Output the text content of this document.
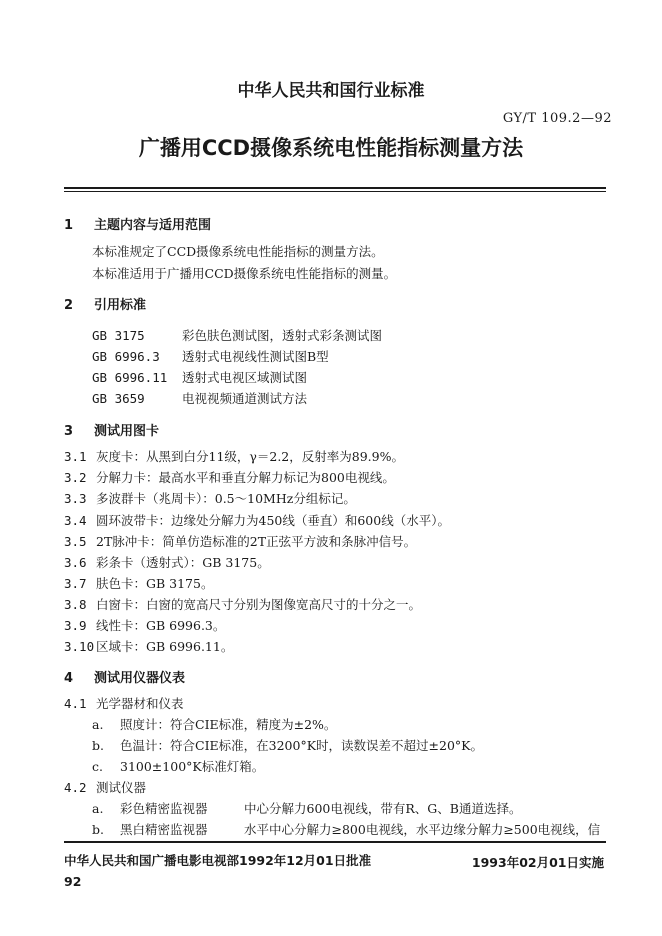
中华人民共和国行业标准
GY/T 109.2—92
广播用CCD摄像系统电性能指标测量方法
1 主题内容与适用范围
本标准规定了CCD摄像系统电性能指标的测量方法。
本标准适用于广播用CCD摄像系统电性能指标的测量。
2 引用标准
GB 3175	彩色肤色测试图，透射式彩条测试图
GB 6996.3 透射式电视线性测试图B型
GB 6996.11 透射式电视区域测试图
GB 3659	电视视频通道测试方法
3 测试用图卡
3.1 灰度卡：从黑到白分11级，γ＝2.2，反射率为89.9%。
3.2 分解力卡：最高水平和垂直分解力标记为800电视线。
3.3 多波群卡（兆周卡）：0.5～10MHz分组标记。
3.4 圆环波带卡：边缘处分解力为450线（垂直）和600线（水平）。
3.5 2T脉冲卡：简单仿造标准的2T正弦平方波和条脉冲信号。
3.6 彩条卡（透射式）：GB 3175。
3.7 肤色卡：GB 3175。
3.8 白窗卡：白窗的宽高尺寸分别为图像宽高尺寸的十分之一。
3.9 线性卡：GB 6996.3。
3.10 区域卡：GB 6996.11。
4 测试用仪器仪表
4.1 光学器材和仪表
a. 照度计：符合CIE标准，精度为±2%。
b. 色温计：符合CIE标准，在3200°K时，读数误差不超过±20°K。
c. 3100±100°K标准灯箱。
4.2 测试仪器
a. 彩色精密监视器	中心分解力600电视线，带有R、G、B通道选择。
b. 黑白精密监视器	水平中心分解力≥800电视线，水平边缘分解力≥500电视线，信
中华人民共和国广播电影电视部1992年12月01日批准	1993年02月01日实施
92
